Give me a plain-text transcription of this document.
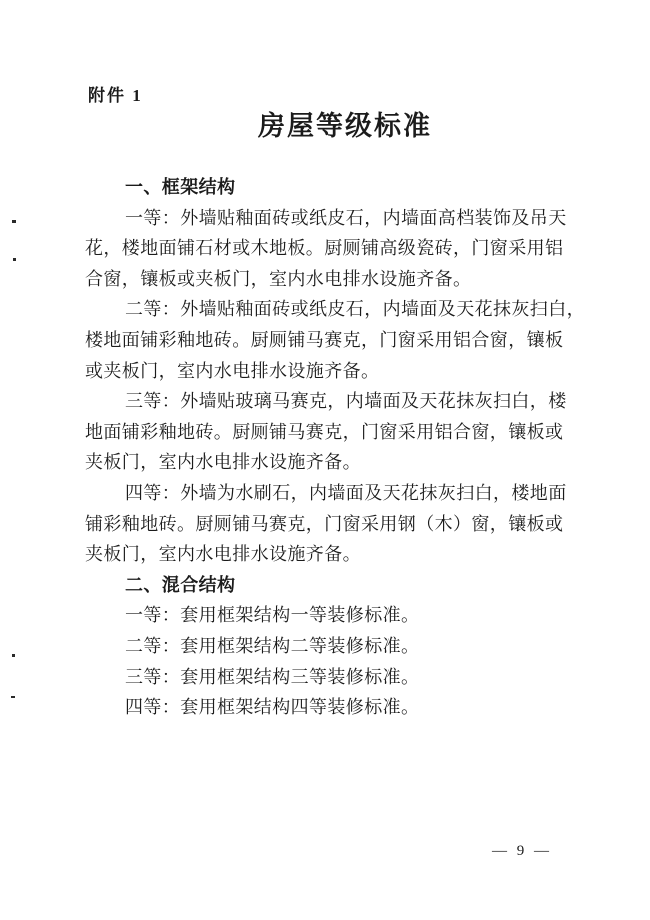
附件 1
房屋等级标准
一、框架结构
一等：外墙贴釉面砖或纸皮石，内墙面高档装饰及吊天
花，楼地面铺石材或木地板。厨厕铺高级瓷砖，门窗采用铝
合窗，镶板或夹板门，室内水电排水设施齐备。
二等：外墙贴釉面砖或纸皮石，内墙面及天花抹灰扫白，
楼地面铺彩釉地砖。厨厕铺马赛克，门窗采用铝合窗，镶板
或夹板门，室内水电排水设施齐备。
三等：外墙贴玻璃马赛克，内墙面及天花抹灰扫白，楼
地面铺彩釉地砖。厨厕铺马赛克，门窗采用铝合窗，镶板或
夹板门，室内水电排水设施齐备。
四等：外墙为水刷石，内墙面及天花抹灰扫白，楼地面
铺彩釉地砖。厨厕铺马赛克，门窗采用钢（木）窗，镶板或
夹板门，室内水电排水设施齐备。
二、混合结构
一等：套用框架结构一等装修标准。
二等：套用框架结构二等装修标准。
三等：套用框架结构三等装修标准。
四等：套用框架结构四等装修标准。
— 9 —
